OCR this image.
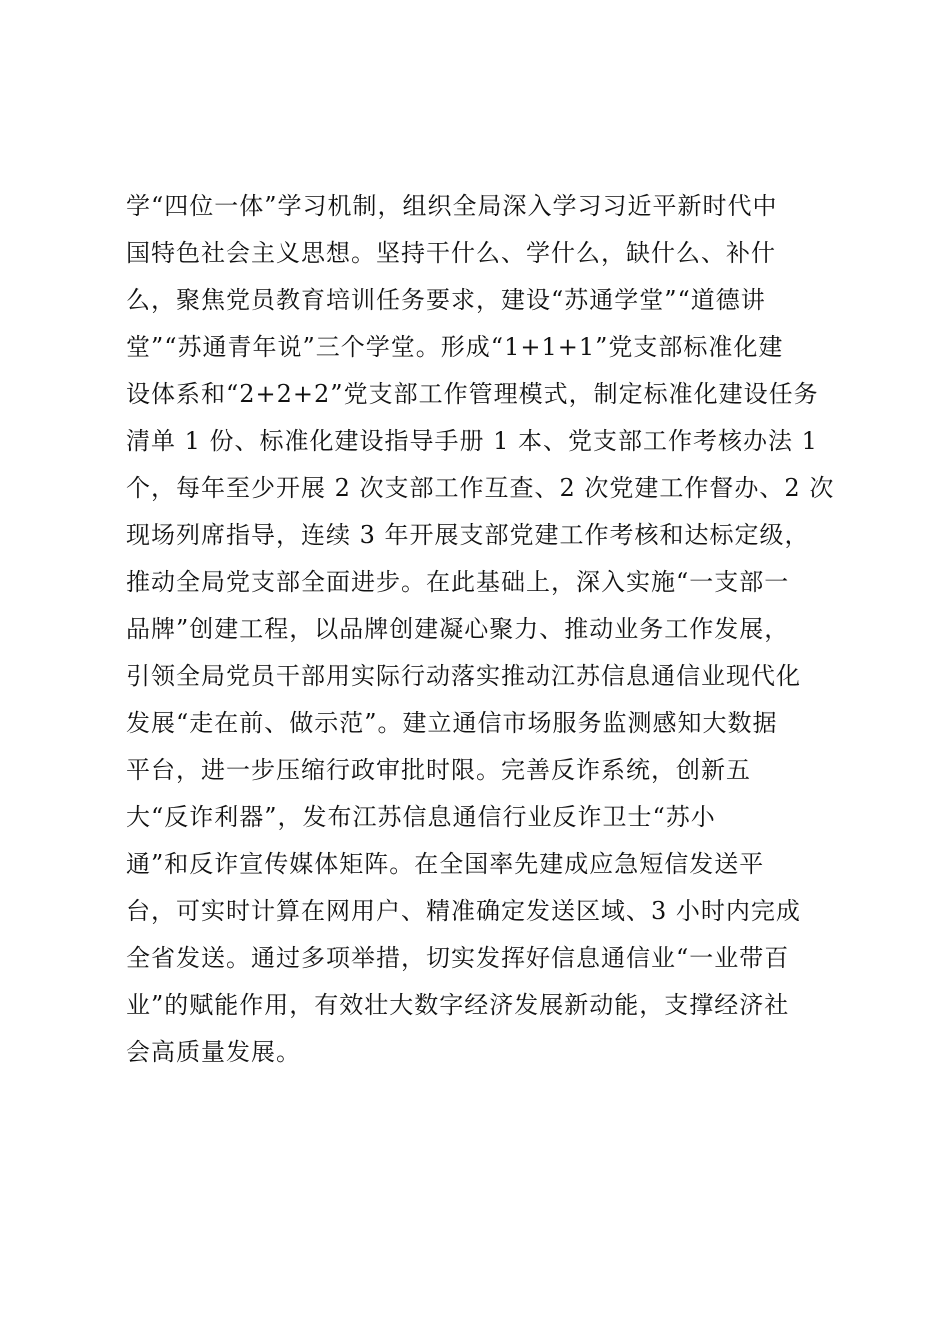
学“四位一体”学习机制，组织全局深入学习习近平新时代中
国特色社会主义思想。坚持干什么、学什么，缺什么、补什
么，聚焦党员教育培训任务要求，建设“苏通学堂”“道德讲
堂”“苏通青年说”三个学堂。形成“1+1+1”党支部标准化建
设体系和“2+2+2”党支部工作管理模式，制定标准化建设任务
清单 1 份、标准化建设指导手册 1 本、党支部工作考核办法 1
个，每年至少开展 2 次支部工作互查、2 次党建工作督办、2 次
现场列席指导，连续 3 年开展支部党建工作考核和达标定级，
推动全局党支部全面进步。在此基础上，深入实施“一支部一
品牌”创建工程，以品牌创建凝心聚力、推动业务工作发展，
引领全局党员干部用实际行动落实推动江苏信息通信业现代化
发展“走在前、做示范”。建立通信市场服务监测感知大数据
平台，进一步压缩行政审批时限。完善反诈系统，创新五
大“反诈利器”，发布江苏信息通信行业反诈卫士“苏小
通”和反诈宣传媒体矩阵。在全国率先建成应急短信发送平
台，可实时计算在网用户、精准确定发送区域、3 小时内完成
全省发送。通过多项举措，切实发挥好信息通信业“一业带百
业”的赋能作用，有效壮大数字经济发展新动能，支撑经济社
会高质量发展。
